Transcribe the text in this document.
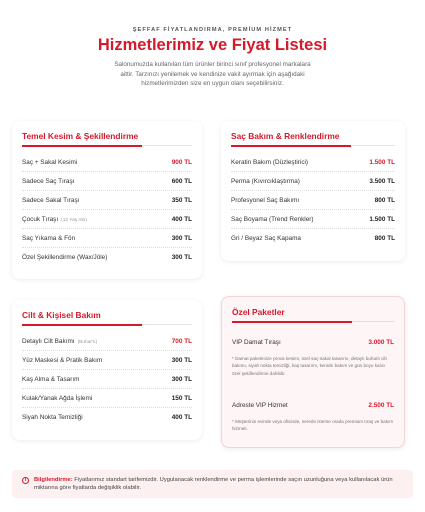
ŞEFFAF FİYATLANDIRMA, PREMİUM HİZMET
Hizmetlerimiz ve Fiyat Listesi

Salonumuzda kullanılan tüm ürünler birinci sınıf profesyonel markalara aittir. Tarzınızı yenilemek ve kendinize vakit ayırmak için aşağıdaki hizmetlerimizden size en uygun olanı seçebilirsiniz.

Temel Kesim & Şekillendirme
Saç + Sakal Kesimi	900 TL
Sadece Saç Tıraşı	600 TL
Sadece Sakal Tıraşı	350 TL
Çocuk Tıraşı (12 Yaş Altı)	400 TL
Saç Yıkama & Fön	300 TL
Özel Şekillendirme (Wax/Jöle)	300 TL
Saç Bakım & Renklendirme
Keratin Bakım (Düzleştirici)	1.500 TL
Perma (Kıvırcıklaştırma)	3.500 TL
Profesyonel Saç Bakımı	800 TL
Saç Boyama (Trend Renkler)	1.500 TL
Gri / Beyaz Saç Kapama	800 TL
Cilt & Kişisel Bakım
Detaylı Cilt Bakımı (Buhar’lı)	700 TL
Yüz Maskesi & Pratik Bakım	300 TL
Kaş Alma & Tasarım	300 TL
Kulak/Yanak Ağda İşlemi	150 TL
Siyah Nokta Temizliği	400 TL
Özel Paketler
VIP Damat Tıraşı	3.000 TL

* Damat paketimize prova kesimi, özel saç-sakal tasarımı, detaylı buharlı cilt bakımı, siyah nokta temizliği, kaş tasarımı, keratin bakım ve gün boyu kalıcı özel şekillendirme dahildir.

Adreste VIP Hizmet	2.500 TL

* Müşterinin evinde veya ofisinde, nerede isterse orada premium tıraş ve bakım hizmeti.

i	Bilgilendirme: Fiyatlarımız standart tarifemizdir. Uygulanacak renklendirme ve perma işlemlerinde saçın uzunluğuna veya kullanılacak ürün miktarına göre fiyatlarda değişiklik olabilir.
